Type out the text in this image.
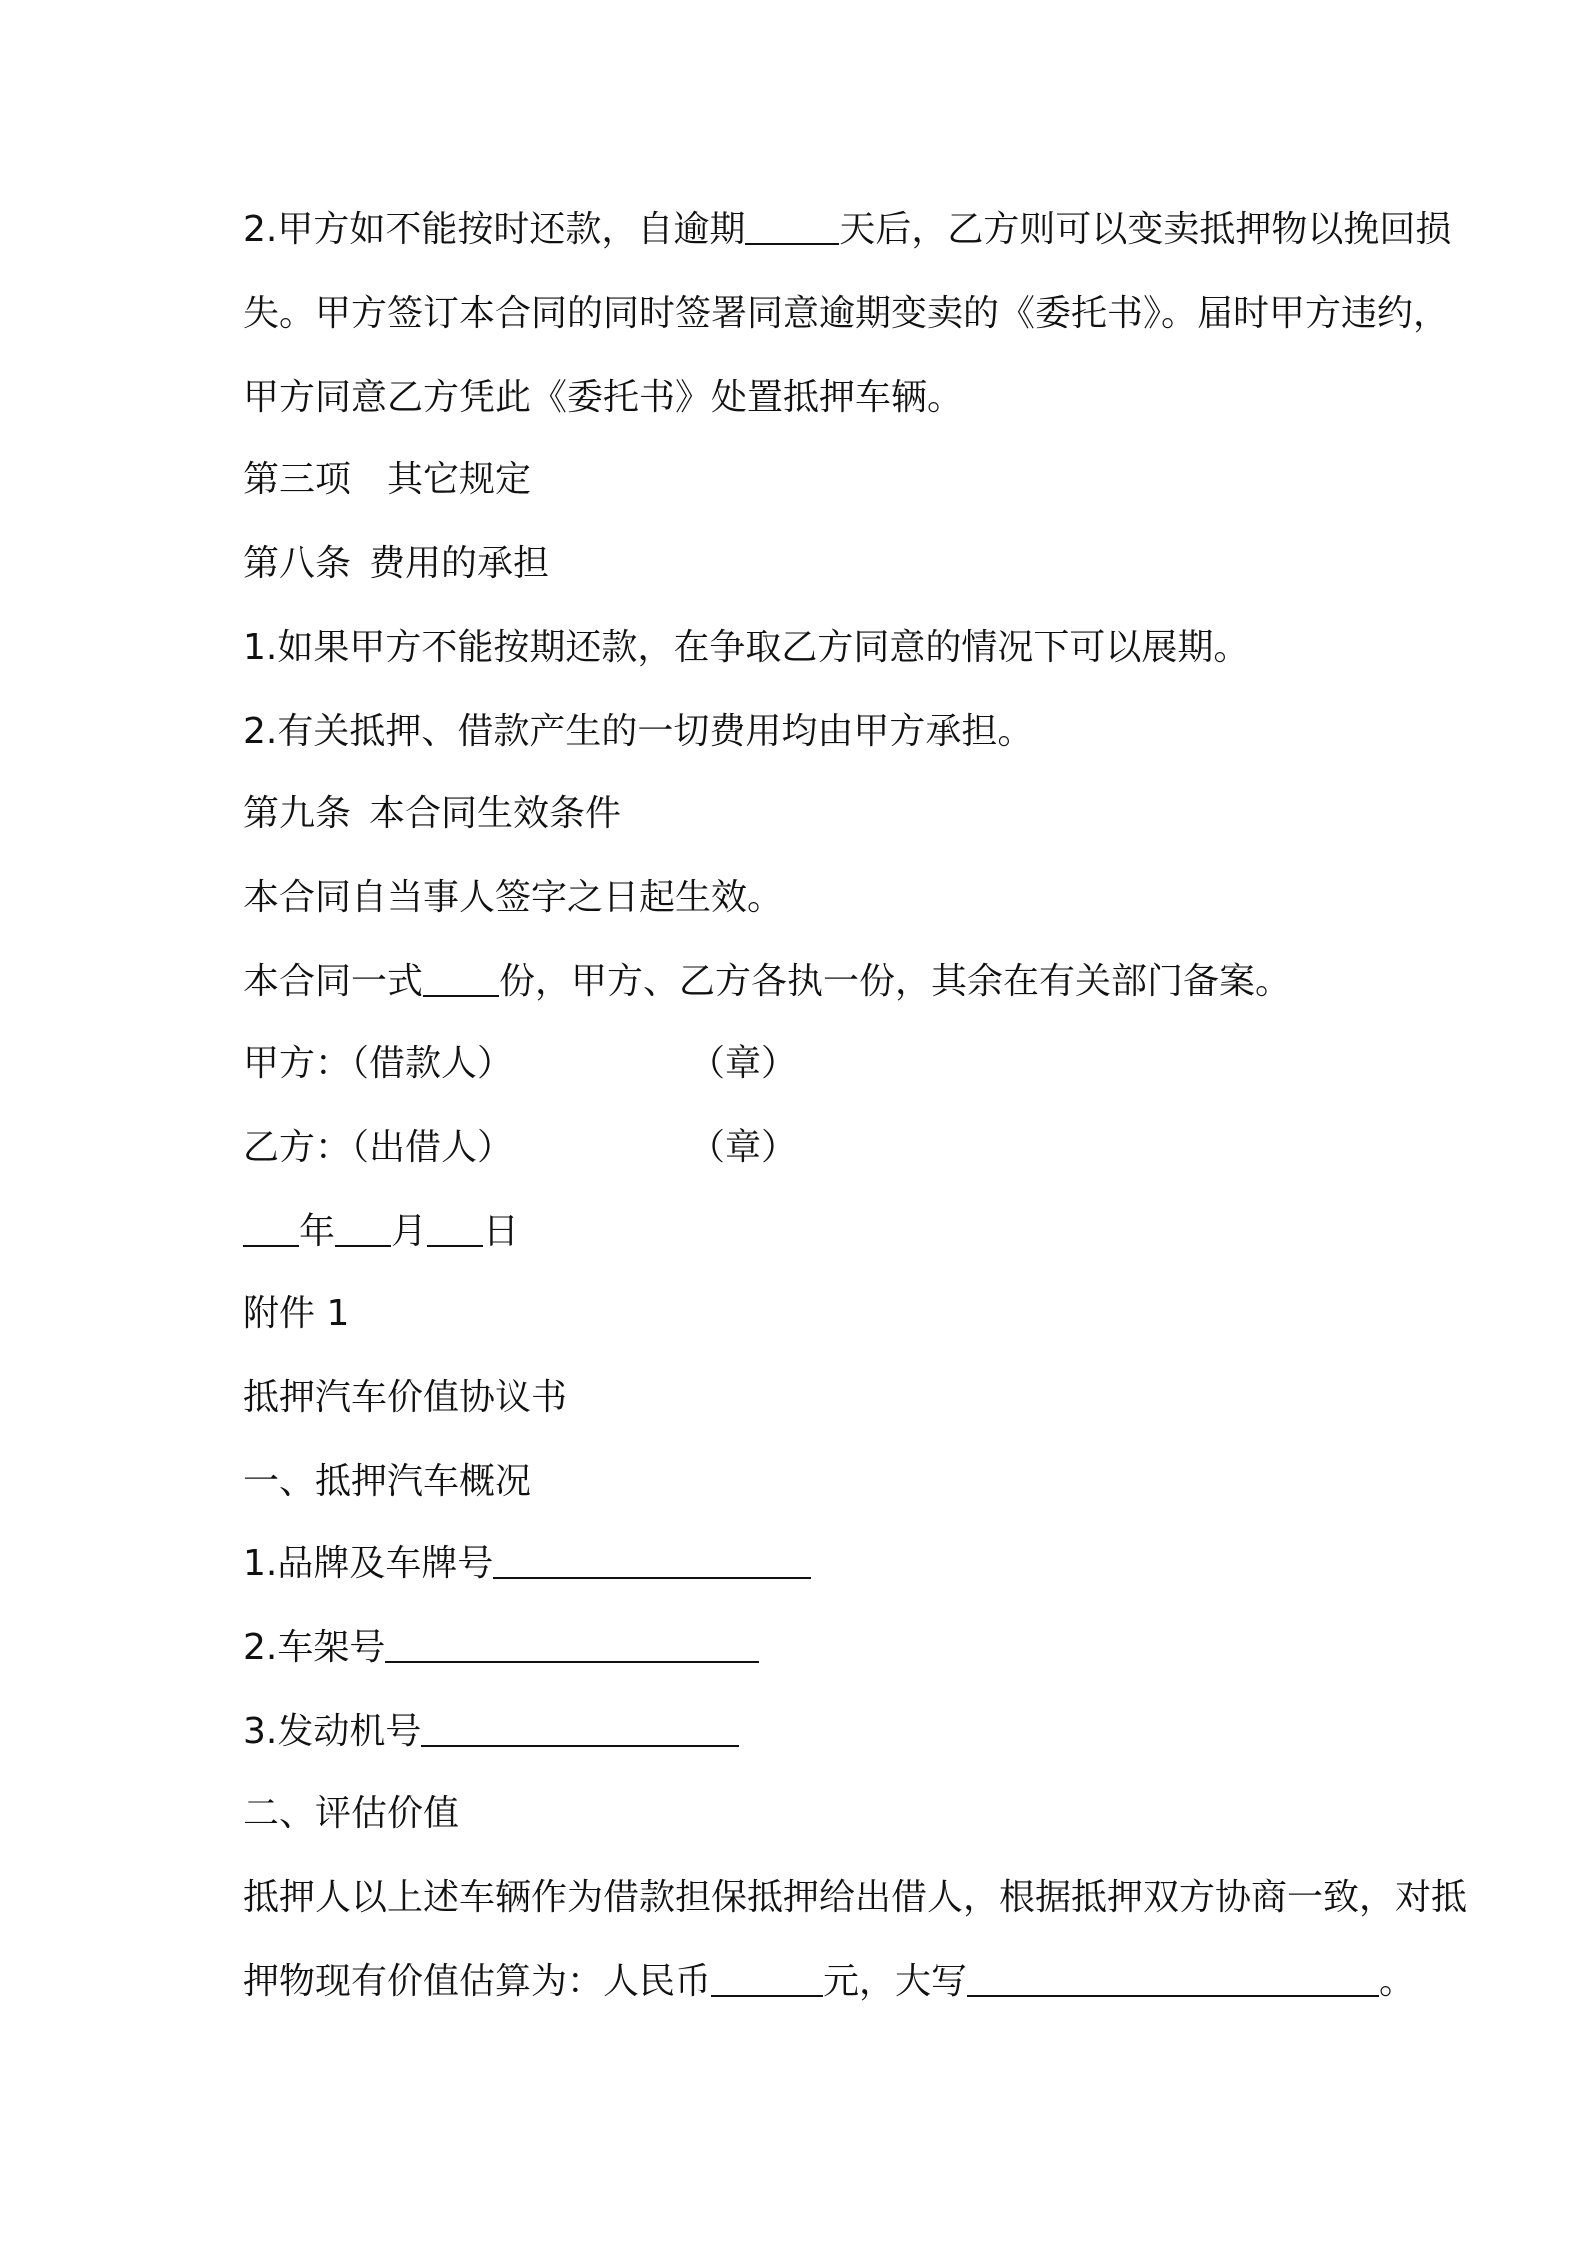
2.甲方如不能按时还款，自逾期	天后，乙方则可以变卖抵押物以挽回损
失。甲方签订本合同的同时签署同意逾期变卖的《委托书》。届时甲方违约，
甲方同意乙方凭此《委托书》处置抵押车辆。
第三项 其它规定
第八条 费用的承担
1.如果甲方不能按期还款，在争取乙方同意的情况下可以展期。
2.有关抵押、借款产生的一切费用均由甲方承担。
第九条 本合同生效条件
本合同自当事人签字之日起生效。
本合同一式 份，甲方、乙方各执一份，其余在有关部门备案。
甲方：（借款人）	（章）
乙方：（出借人）	（章）
年 月 日
附件 1
抵押汽车价值协议书
一、抵押汽车概况
1.品牌及车牌号
2.车架号
3.发动机号
二、评估价值
抵押人以上述车辆作为借款担保抵押给出借人，根据抵押双方协商一致，对抵
押物现有价值估算为：人民币	元，大写	。
